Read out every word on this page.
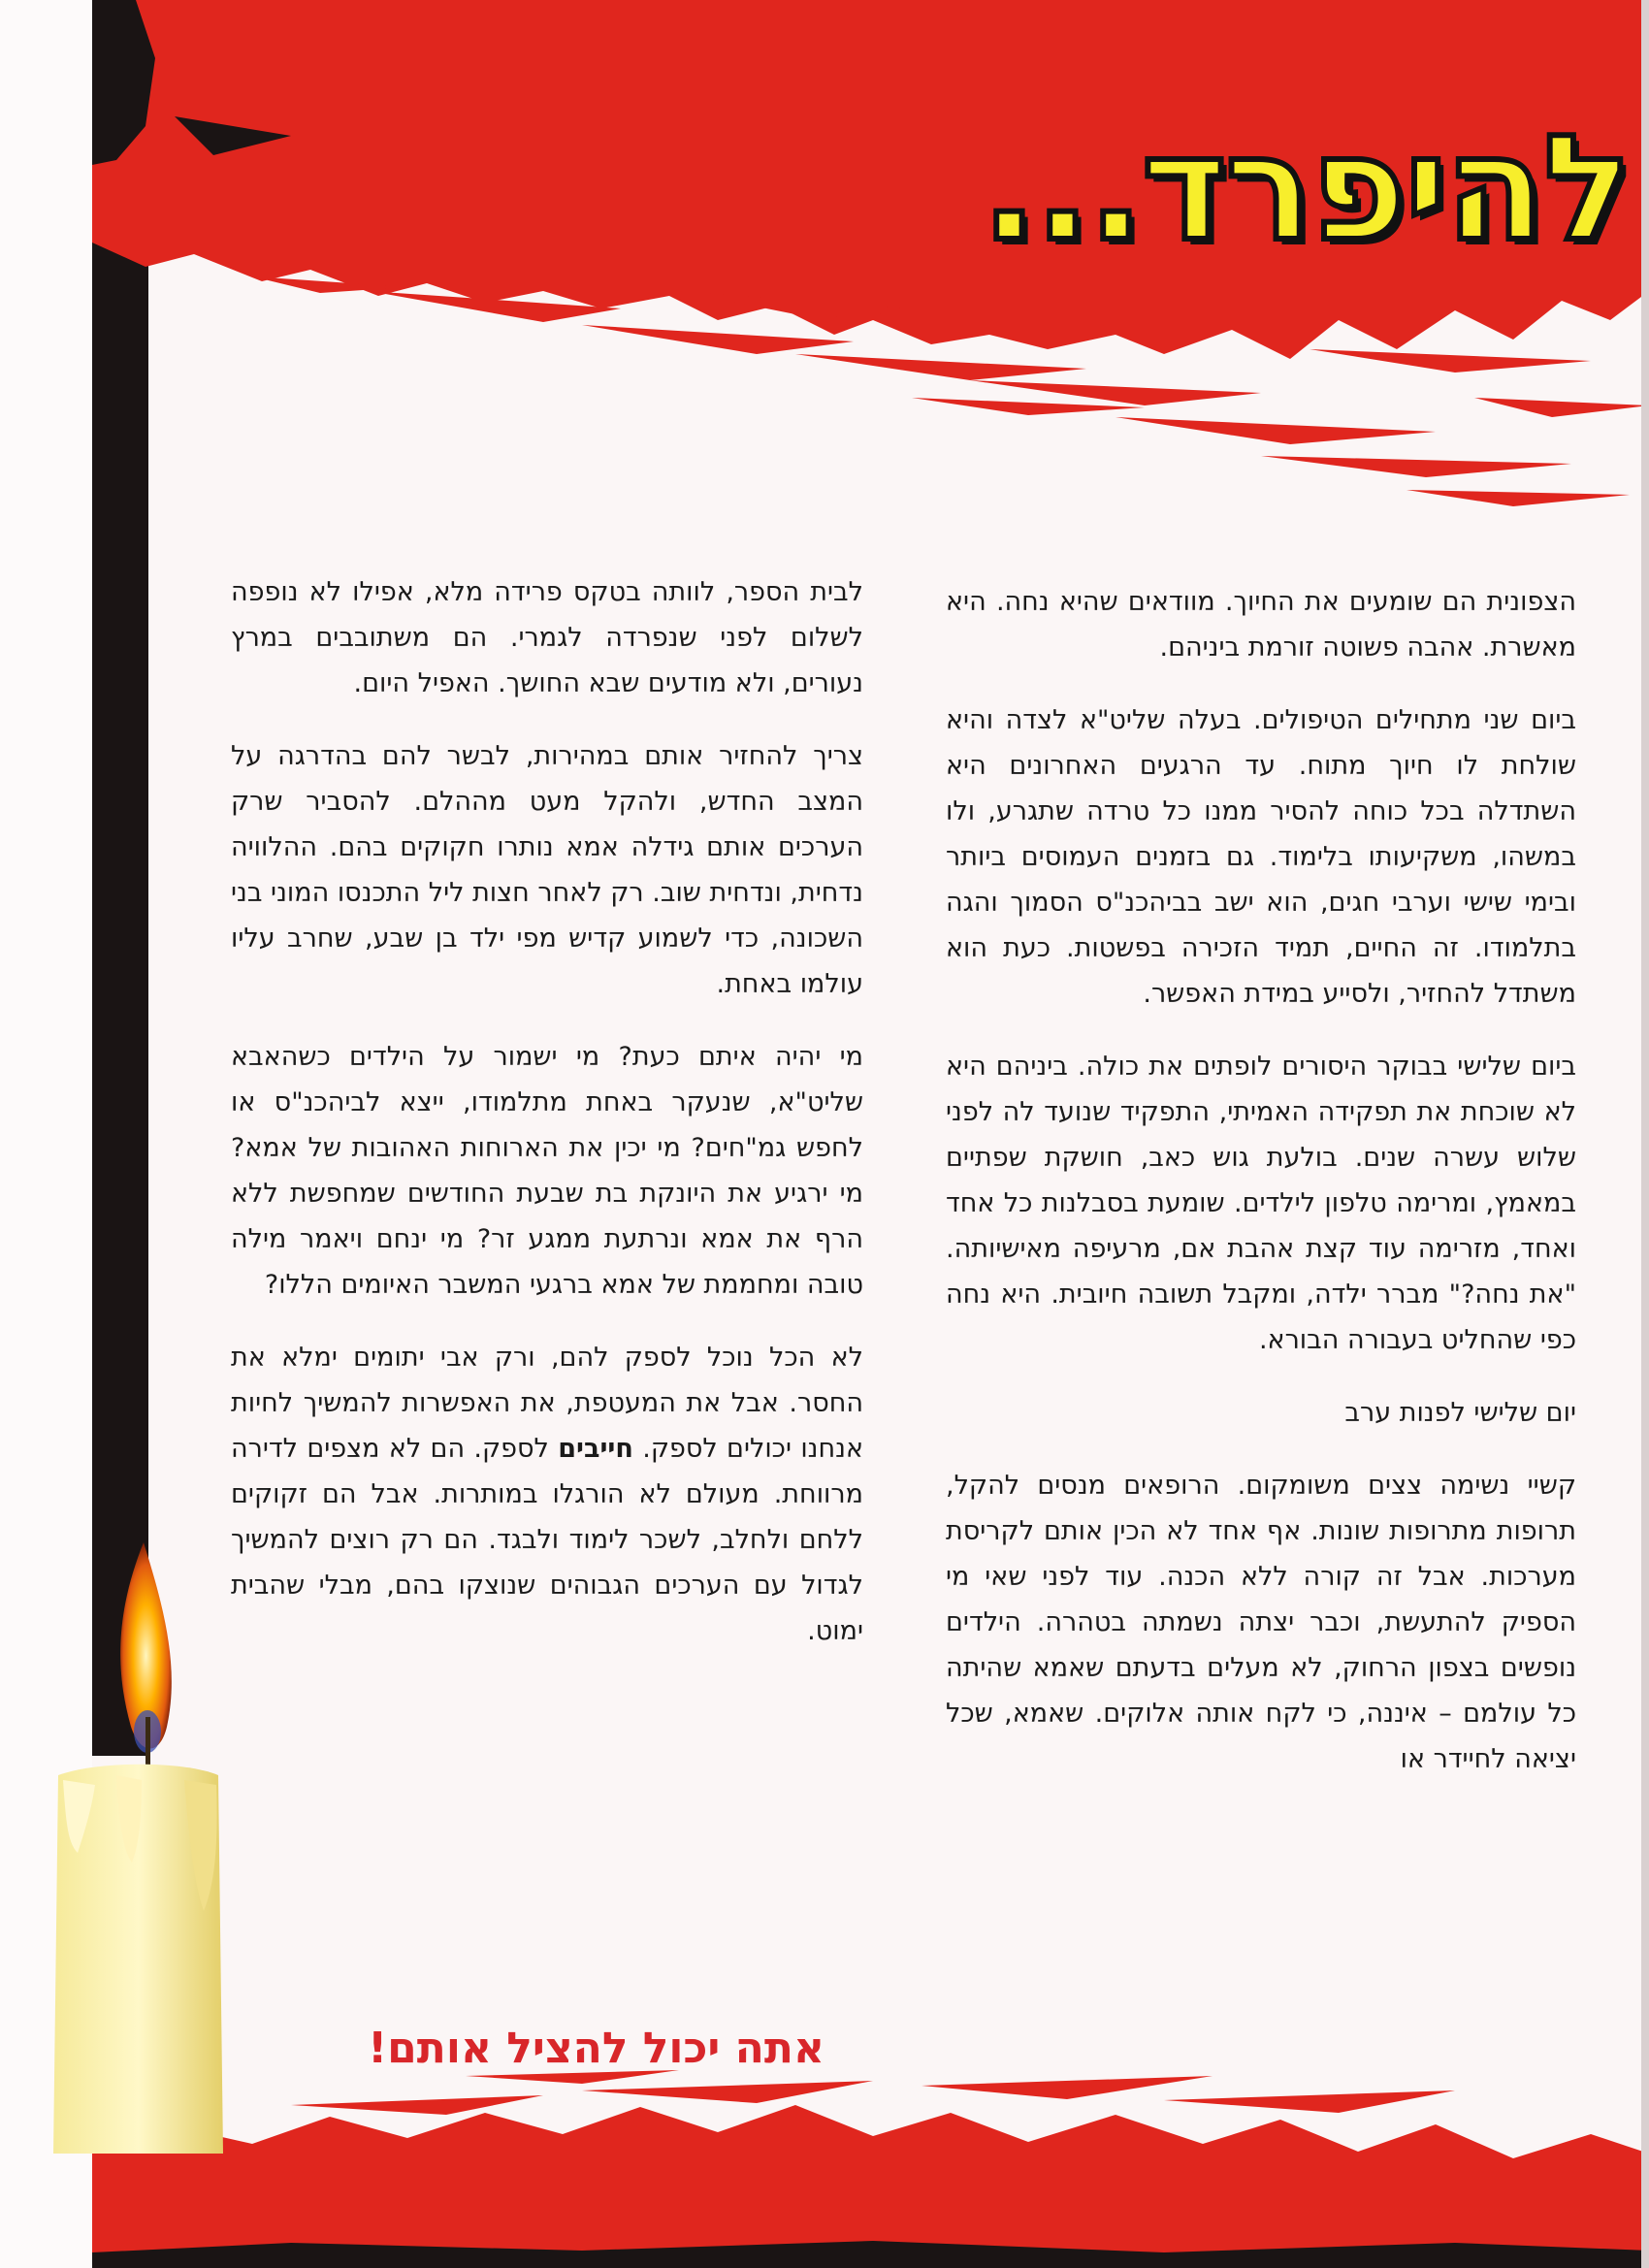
להיפרד...

הצפונית הם שומעים את החיוך. מוודאים שהיא נחה. היא מאשרת. אהבה פשוטה זורמת ביניהם.

ביום שני מתחילים הטיפולים. בעלה שליט"א לצדה והיא שולחת לו חיוך מתוח. עד הרגעים האחרונים היא השתדלה בכל כוחה להסיר ממנו כל טרדה שתגרע, ולו במשהו, משקיעותו בלימוד. גם בזמנים העמוסים ביותר ובימי שישי וערבי חגים, הוא ישב בביהכנ"ס הסמוך והגה בתלמודו. זה החיים, תמיד הזכירה בפשטות. כעת הוא משתדל להחזיר, ולסייע במידת האפשר.

ביום שלישי בבוקר היסורים לופתים את כולה. ביניהם היא לא שוכחת את תפקידה האמיתי, התפקיד שנועד לה לפני שלוש עשרה שנים. בולעת גוש כאב, חושקת שפתיים במאמץ, ומרימה טלפון לילדים. שומעת בסבלנות כל אחד ואחד, מזרימה עוד קצת אהבת אם, מרעיפה מאישיותה. "את נחה?" מברר ילדה, ומקבל תשובה חיובית. היא נחה כפי שהחליט בעבורה הבורא.

יום שלישי לפנות ערב

קשיי נשימה צצים משומקום. הרופאים מנסים להקל, תרופות מתרופות שונות. אף אחד לא הכין אותם לקריסת מערכות. אבל זה קורה ללא הכנה. עוד לפני שאי מי הספיק להתעשת, וכבר יצתה נשמתה בטהרה. הילדים נופשים בצפון הרחוק, לא מעלים בדעתם שאמא שהיתה כל עולמם – איננה, כי לקח אותה אלוקים. שאמא, שכל יציאה לחיידר או

לבית הספר, לוותה בטקס פרידה מלא, אפילו לא נופפה לשלום לפני שנפרדה לגמרי. הם משתובבים במרץ נעורים, ולא מודעים שבא החושך. האפיל היום.

צריך להחזיר אותם במהירות, לבשר להם בהדרגה על המצב החדש, ולהקל מעט מההלם. להסביר שרק הערכים אותם גידלה אמא נותרו חקוקים בהם. ההלוויה נדחית, ונדחית שוב. רק לאחר חצות ליל התכנסו המוני בני השכונה, כדי לשמוע קדיש מפי ילד בן שבע, שחרב עליו עולמו באחת.

מי יהיה איתם כעת? מי ישמור על הילדים כשהאבא שליט"א, שנעקר באחת מתלמודו, ייצא לביהכנ"ס או לחפש גמ"חים? מי יכין את הארוחות האהובות של אמא? מי ירגיע את היונקת בת שבעת החודשים שמחפשת ללא הרף את אמא ונרתעת ממגע זר? מי ינחם ויאמר מילה טובה ומחממת של אמא ברגעי המשבר האיומים הללו?

לא הכל נוכל לספק להם, ורק אבי יתומים ימלא את החסר. אבל את המעטפת, את האפשרות להמשיך לחיות אנחנו יכולים לספק. חייבים לספק. הם לא מצפים לדירה מרווחת. מעולם לא הורגלו במותרות. אבל הם זקוקים ללחם ולחלב, לשכר לימוד ולבגד. הם רק רוצים להמשיך לגדול עם הערכים הגבוהים שנוצקו בהם, מבלי שהבית ימוט.

אתה יכול להציל אותם!
